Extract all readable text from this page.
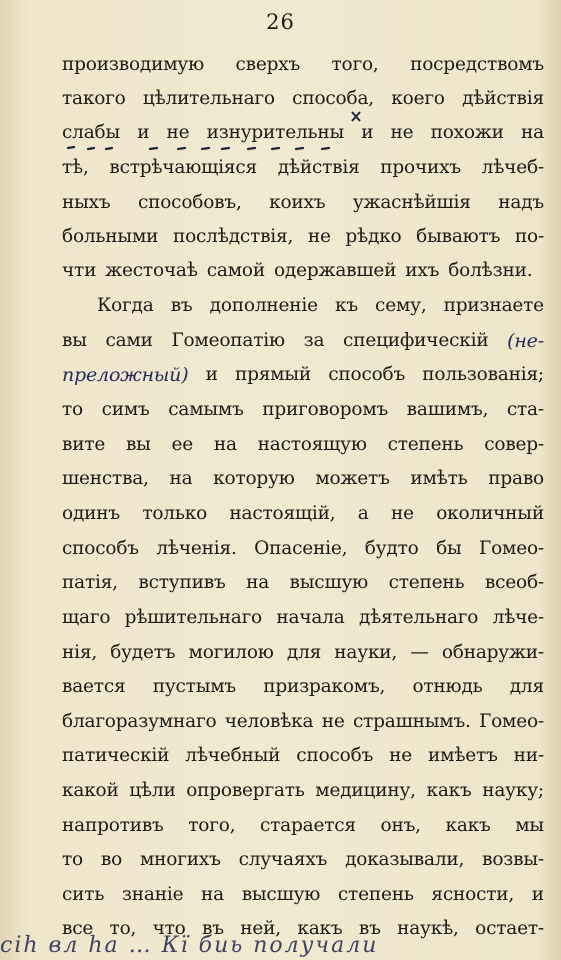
26
производимую сверхъ того, посредствомъ
такого цѣлительнаго способа, коего дѣйствія
слабы и не изнурительны и не похожи на
тѣ, встрѣчающіяся дѣйствія прочихъ лѣчеб-
ныхъ способовъ, коихъ ужаснѣйшія надъ
больными послѣдствія, не рѣдко бываютъ по-
чти жесточаѣ самой одержавшей ихъ болѣзни.
Когда въ дополненіе къ сему, признаете
вы сами Гомеопатію за специфическій (не-
преложный) и прямый способъ пользованія;
то симъ самымъ приговоромъ вашимъ, ста-
вите вы ее на настоящую степень совер-
шенства, на которую можетъ имѣть право
одинъ только настоящій, а не околичный
способъ лѣченія. Опасеніе, будто бы Гомео-
патія, вступивъ на высшую степень всеоб-
щаго рѣшительнаго начала дѣятельнаго лѣче-
нія, будетъ могилою для науки, — обнаружи-
вается пустымъ призракомъ, отнюдь для
благоразумнаго человѣка не страшнымъ. Гомео-
патическій лѣчебный способъ не имѣетъ ни-
какой цѣли опровергать медицину, какъ науку;
напротивъ того, старается онъ, какъ мы
то во многихъ случаяхъ доказывали, возвы-
сить знаніе на высшую степень ясности, и
все то, что въ ней, какъ въ наукѣ, остает-
cih вл ha … Кї биь получали
